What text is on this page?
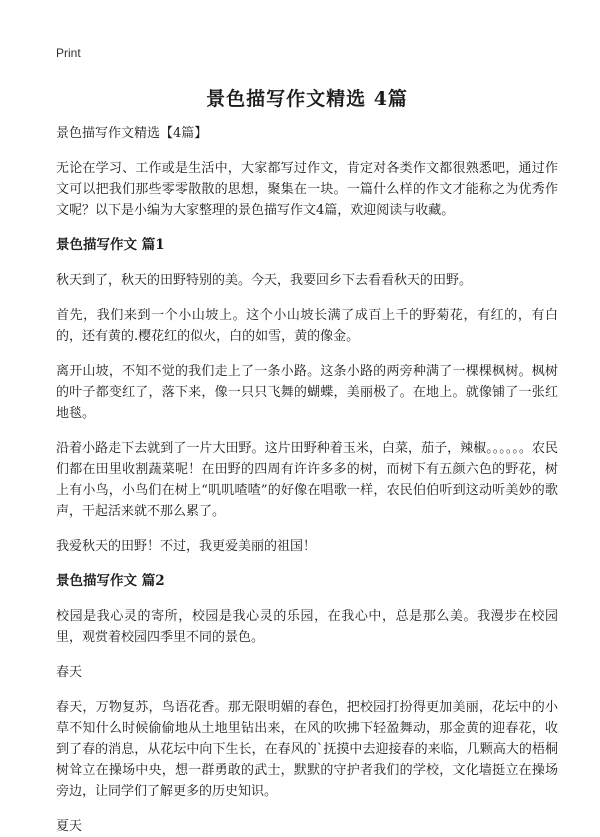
Print
景色描写作文精选 4篇
景色描写作文精选【4篇】

无论在学习、工作或是生活中，大家都写过作文，肯定对各类作文都很熟悉吧，通过作文可以把我们那些零零散散的思想，聚集在一块。一篇什么样的作文才能称之为优秀作文呢？以下是小编为大家整理的景色描写作文4篇，欢迎阅读与收藏。

景色描写作文 篇1

秋天到了，秋天的田野特别的美。今天，我要回乡下去看看秋天的田野。

首先，我们来到一个小山坡上。这个小山坡长满了成百上千的野菊花，有红的，有白的，还有黄的.樱花红的似火，白的如雪，黄的像金。

离开山坡，不知不觉的我们走上了一条小路。这条小路的两旁种满了一棵棵枫树。枫树的叶子都变红了，落下来，像一只只飞舞的蝴蝶，美丽极了。在地上。就像铺了一张红地毯。

沿着小路走下去就到了一片大田野。这片田野种着玉米，白菜，茄子，辣椒。。。。。。农民们都在田里收割蔬菜呢！在田野的四周有许许多多的树，而树下有五颜六色的野花，树上有小鸟，小鸟们在树上“叽叽喳喳”的好像在唱歌一样，农民伯伯听到这动听美妙的歌声，干起活来就不那么累了。

我爱秋天的田野！不过，我更爱美丽的祖国！

景色描写作文 篇2

校园是我心灵的寄所，校园是我心灵的乐园，在我心中，总是那么美。我漫步在校园里，观赏着校园四季里不同的景色。

春天

春天，万物复苏，鸟语花香。那无限明媚的春色，把校园打扮得更加美丽，花坛中的小草不知什么时候偷偷地从土地里钻出来，在风的吹拂下轻盈舞动，那金黄的迎春花，收到了春的消息，从花坛中向下生长，在春风的`抚摸中去迎接春的来临，几颗高大的梧桐树耸立在操场中央，想一群勇敢的武士，默默的守护者我们的学校，文化墙挺立在操场旁边，让同学们了解更多的历史知识。

夏天
